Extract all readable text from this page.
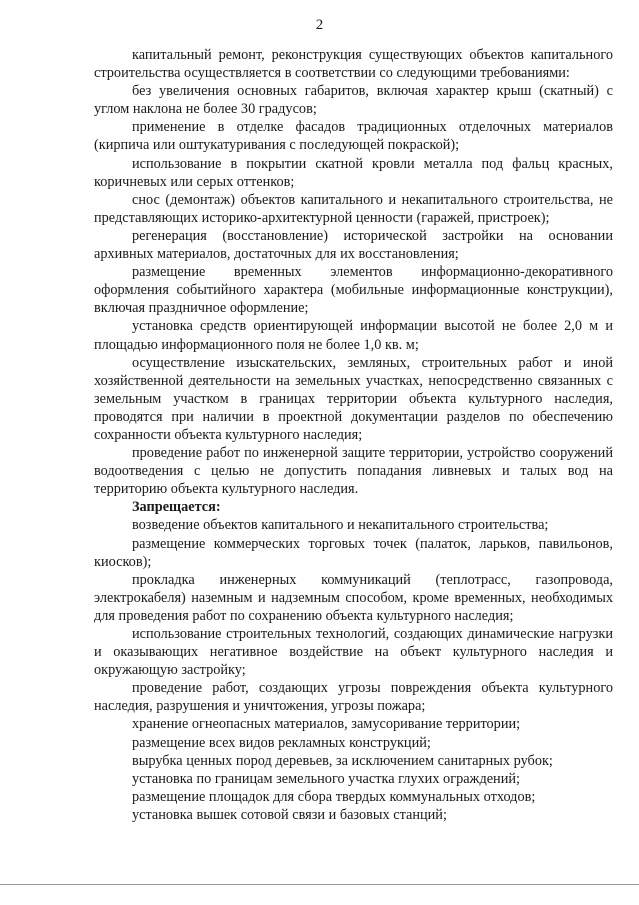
2

капитальный ремонт, реконструкция существующих объектов капитального строительства осуществляется в соответствии со следующими требованиями:

без увеличения основных габаритов, включая характер крыш (скатный) с углом наклона не более 30 градусов;

применение в отделке фасадов традиционных отделочных материалов (кирпича или оштукатуривания с последующей покраской);

использование в покрытии скатной кровли металла под фальц красных, коричневых или серых оттенков;

снос (демонтаж) объектов капитального и некапитального строительства, не представляющих историко-архитектурной ценности (гаражей, пристроек);

регенерация (восстановление) исторической застройки на основании архивных материалов, достаточных для их восстановления;

размещение временных элементов информационно-декоративного оформления событийного характера (мобильные информационные конструкции), включая праздничное оформление;

установка средств ориентирующей информации высотой не более 2,0 м и площадью информационного поля не более 1,0 кв. м;

осуществление изыскательских, земляных, строительных работ и иной хозяйственной деятельности на земельных участках, непосредственно связанных с земельным участком в границах территории объекта культурного наследия, проводятся при наличии в проектной документации разделов по обеспечению сохранности объекта культурного наследия;

проведение работ по инженерной защите территории, устройство сооружений водоотведения с целью не допустить попадания ливневых и талых вод на территорию объекта культурного наследия.

Запрещается:

возведение объектов капитального и некапитального строительства;

размещение коммерческих торговых точек (палаток, ларьков, павильонов, киосков);

прокладка инженерных коммуникаций (теплотрасс, газопровода, электрокабеля) наземным и надземным способом, кроме временных, необходимых для проведения работ по сохранению объекта культурного наследия;

использование строительных технологий, создающих динамические нагрузки и оказывающих негативное воздействие на объект культурного наследия и окружающую застройку;

проведение работ, создающих угрозы повреждения объекта культурного наследия, разрушения и уничтожения, угрозы пожара;

хранение огнеопасных материалов, замусоривание территории;

размещение всех видов рекламных конструкций;

вырубка ценных пород деревьев, за исключением санитарных рубок;

установка по границам земельного участка глухих ограждений;

размещение площадок для сбора твердых коммунальных отходов;

установка вышек сотовой связи и базовых станций;
